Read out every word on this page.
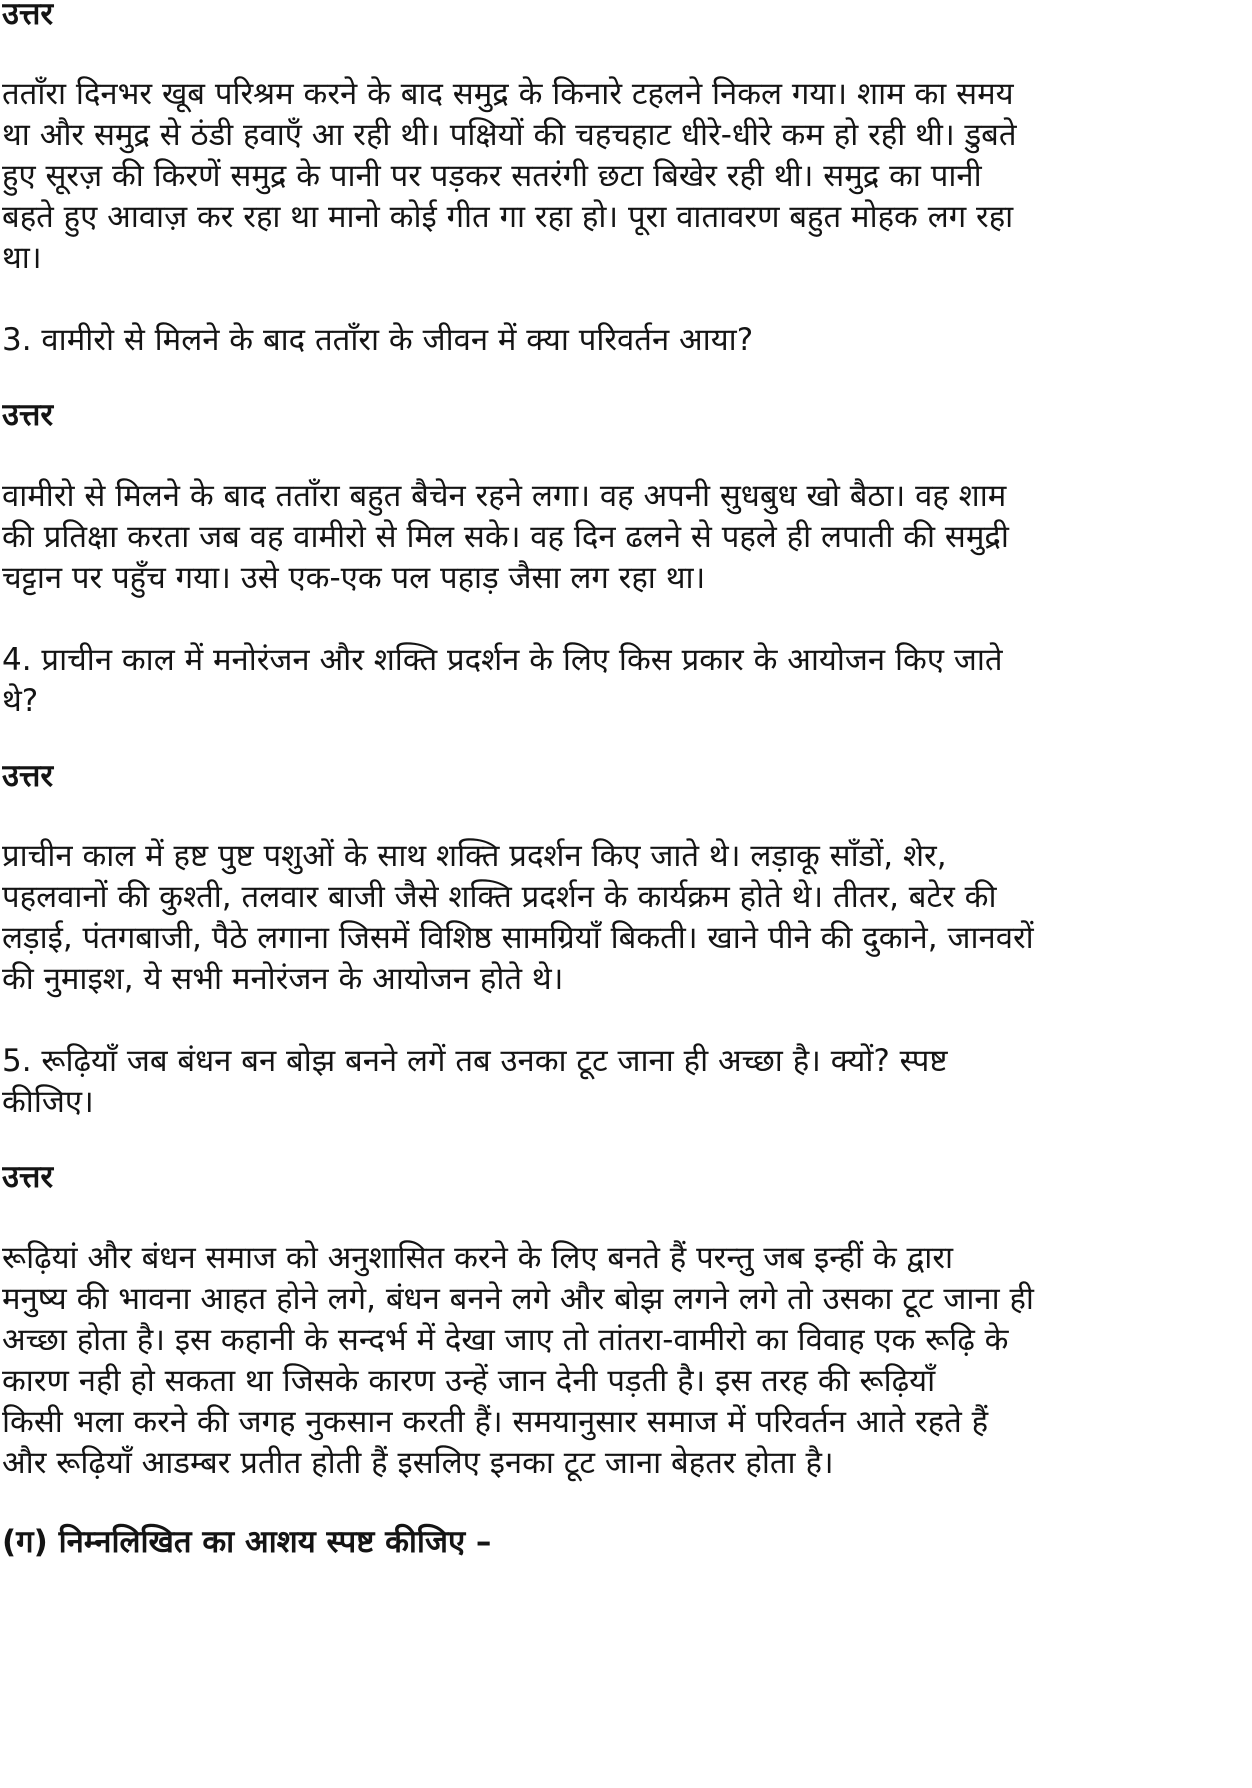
उत्तर
तताँरा दिनभर खूब परिश्रम करने के बाद समुद्र के किनारे टहलने निकल गया। शाम का समय
था और समुद्र से ठंडी हवाएँ आ रही थी। पक्षियों की चहचहाट धीरे-धीरे कम हो रही थी। डुबते
हुए सूरज़ की किरणें समुद्र के पानी पर पड़कर सतरंगी छटा बिखेर रही थी। समुद्र का पानी
बहते हुए आवाज़ कर रहा था मानो कोई गीत गा रहा हो। पूरा वातावरण बहुत मोहक लग रहा
था।
3. वामीरो से मिलने के बाद तताँरा के जीवन में क्या परिवर्तन आया?
उत्तर
वामीरो से मिलने के बाद तताँरा बहुत बैचेन रहने लगा। वह अपनी सुधबुध खो बैठा। वह शाम
की प्रतिक्षा करता जब वह वामीरो से मिल सके। वह दिन ढलने से पहले ही लपाती की समुद्री
चट्टान पर पहुँच गया। उसे एक-एक पल पहाड़ जैसा लग रहा था।
4. प्राचीन काल में मनोरंजन और शक्ति प्रदर्शन के लिए किस प्रकार के आयोजन किए जाते
थे?
उत्तर
प्राचीन काल में हष्ट पुष्ट पशुओं के साथ शक्ति प्रदर्शन किए जाते थे। लड़ाकू साँडों, शेर,
पहलवानों की कुश्ती, तलवार बाजी जैसे शक्ति प्रदर्शन के कार्यक्रम होते थे। तीतर, बटेर की
लड़ाई, पंतगबाजी, पैठे लगाना जिसमें विशिष्ठ सामग्रियाँ बिकती। खाने पीने की दुकाने, जानवरों
की नुमाइश, ये सभी मनोरंजन के आयोजन होते थे।
5. रूढ़ियाँ जब बंधन बन बोझ बनने लगें तब उनका टूट जाना ही अच्छा है। क्यों? स्पष्ट
कीजिए।
उत्तर
रूढ़ियां और बंधन समाज को अनुशासित करने के लिए बनते हैं परन्तु जब इन्हीं के द्वारा
मनुष्य की भावना आहत होने लगे, बंधन बनने लगे और बोझ लगने लगे तो उसका टूट जाना ही
अच्छा होता है। इस कहानी के सन्दर्भ में देखा जाए तो तांतरा-वामीरो का विवाह एक रूढ़ि के
कारण नही हो सकता था जिसके कारण उन्हें जान देनी पड़ती है। इस तरह की रूढ़ियाँ
किसी भला करने की जगह नुकसान करती हैं। समयानुसार समाज में परिवर्तन आते रहते हैं
और रूढ़ियाँ आडम्बर प्रतीत होती हैं इसलिए इनका टूट जाना बेहतर होता है।
(ग) निम्नलिखित का आशय स्पष्ट कीजिए –
